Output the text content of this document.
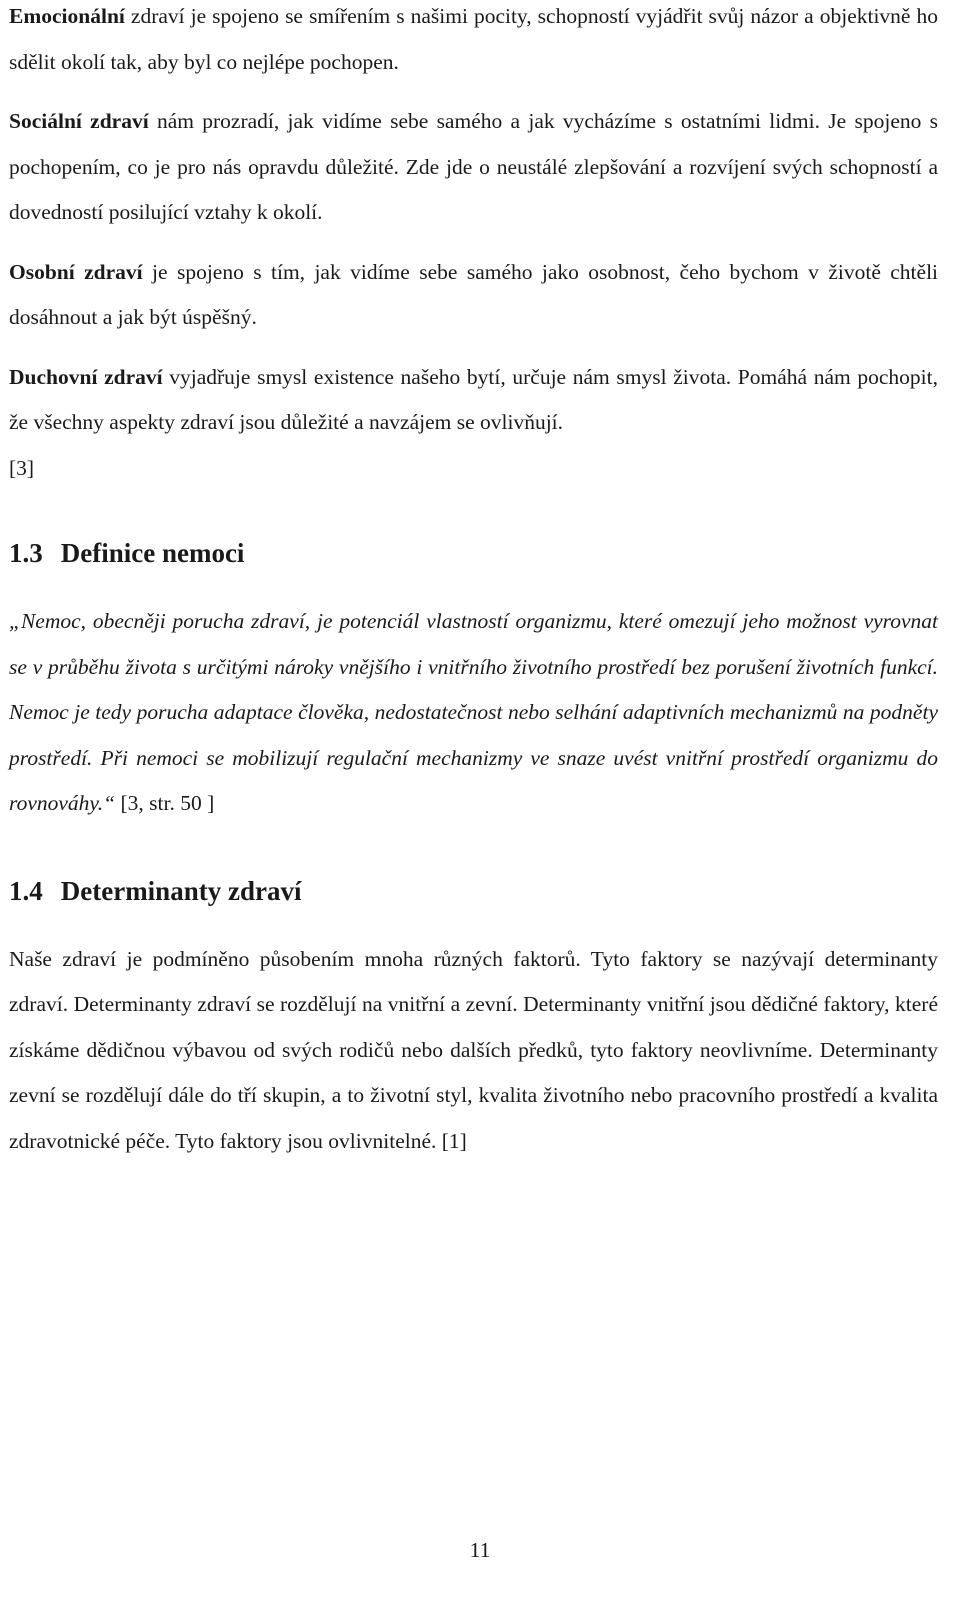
Emocionální zdraví je spojeno se smířením s našimi pocity, schopností vyjádřit svůj názor a objektivně ho sdělit okolí tak, aby byl co nejlépe pochopen.

Sociální zdraví nám prozradí, jak vidíme sebe samého a jak vycházíme s ostatními lidmi. Je spojeno s pochopením, co je pro nás opravdu důležité. Zde jde o neustálé zlepšování a rozvíjení svých schopností a dovedností posilující vztahy k okolí.

Osobní zdraví je spojeno s tím, jak vidíme sebe samého jako osobnost, čeho bychom v životě chtěli dosáhnout a jak být úspěšný.

Duchovní zdraví vyjadřuje smysl existence našeho bytí, určuje nám smysl života. Pomáhá nám pochopit, že všechny aspekty zdraví jsou důležité a navzájem se ovlivňují.

[3]

1.3 Definice nemoci

„Nemoc, obecněji porucha zdraví, je potenciál vlastností organizmu, které omezují jeho možnost vyrovnat se v průběhu života s určitými nároky vnějšího i vnitřního životního prostředí bez porušení životních funkcí. Nemoc je tedy porucha adaptace člověka, nedostatečnost nebo selhání adaptivních mechanizmů na podněty prostředí. Při nemoci se mobilizují regulační mechanizmy ve snaze uvést vnitřní prostředí organizmu do rovnováhy.“ [3, str. 50 ]

1.4 Determinanty zdraví

Naše zdraví je podmíněno působením mnoha různých faktorů. Tyto faktory se nazývají determinanty zdraví. Determinanty zdraví se rozdělují na vnitřní a zevní. Determinanty vnitřní jsou dědičné faktory, které získáme dědičnou výbavou od svých rodičů nebo dalších předků, tyto faktory neovlivníme. Determinanty zevní se rozdělují dále do tří skupin, a to životní styl, kvalita životního nebo pracovního prostředí a kvalita zdravotnické péče. Tyto faktory jsou ovlivnitelné. [1]

11
